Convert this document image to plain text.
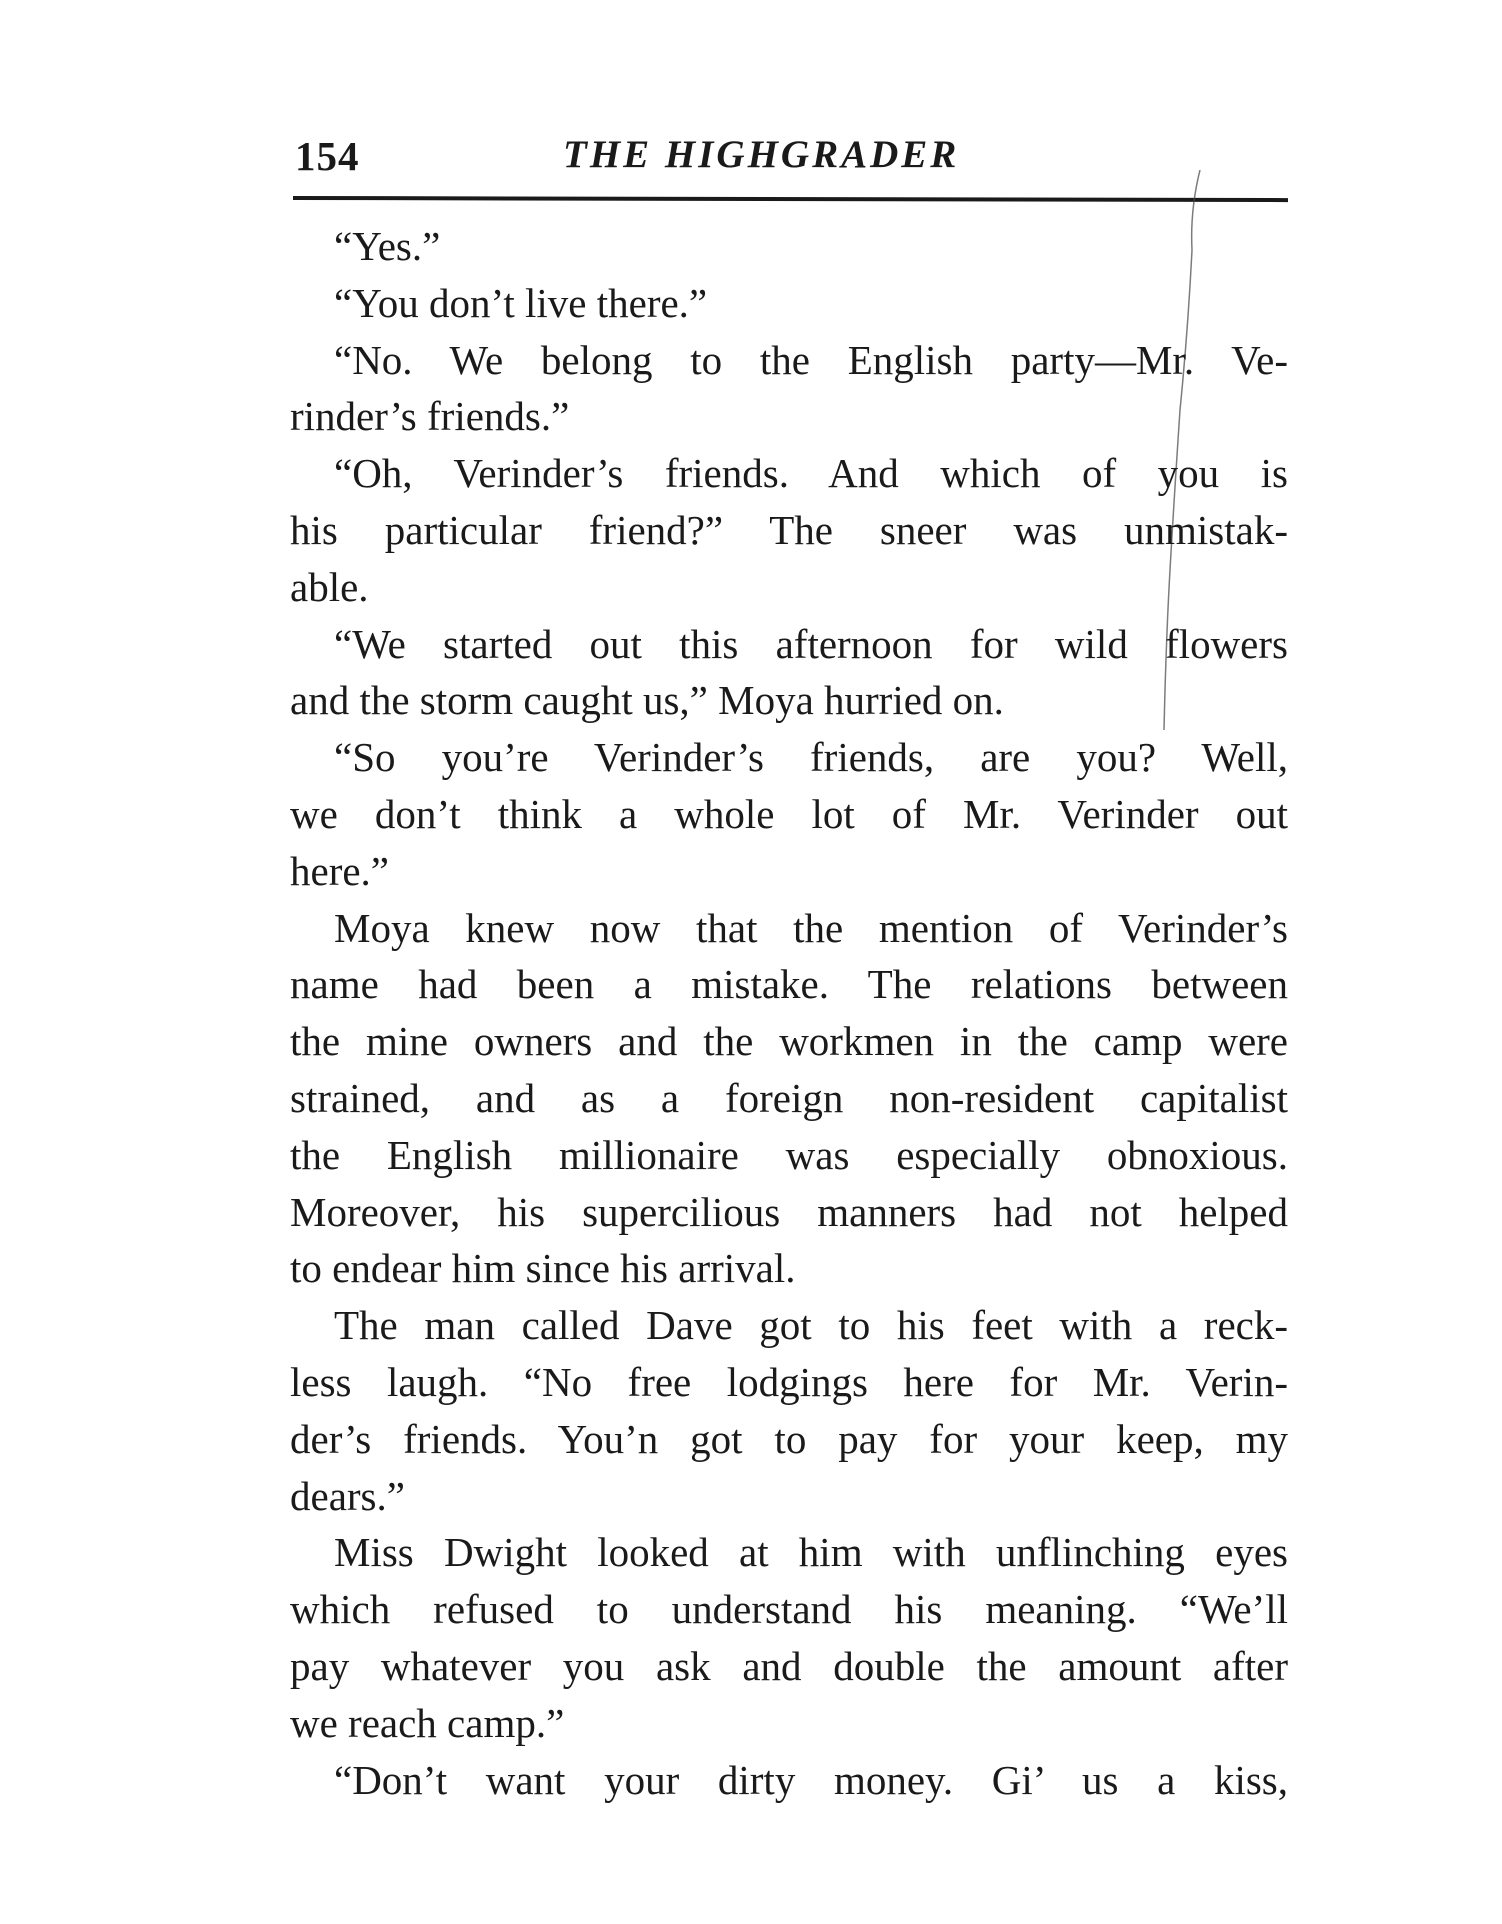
154	THE HIGHGRADER
“Yes.”
“You don’t live there.”
“No. We belong to the English party—Mr. Ve-
rinder’s friends.”
“Oh, Verinder’s friends. And which of you is
his particular friend?” The sneer was unmistak-
able.
“We started out this afternoon for wild flowers
and the storm caught us,” Moya hurried on.
“So you’re Verinder’s friends, are you? Well,
we don’t think a whole lot of Mr. Verinder out
here.”
Moya knew now that the mention of Verinder’s
name had been a mistake. The relations between
the mine owners and the workmen in the camp were
strained, and as a foreign non-resident capitalist
the English millionaire was especially obnoxious.
Moreover, his supercilious manners had not helped
to endear him since his arrival.
The man called Dave got to his feet with a reck-
less laugh. “No free lodgings here for Mr. Verin-
der’s friends. You’n got to pay for your keep, my
dears.”
Miss Dwight looked at him with unflinching eyes
which refused to understand his meaning. “We’ll
pay whatever you ask and double the amount after
we reach camp.”
“Don’t want your dirty money. Gi’ us a kiss,
